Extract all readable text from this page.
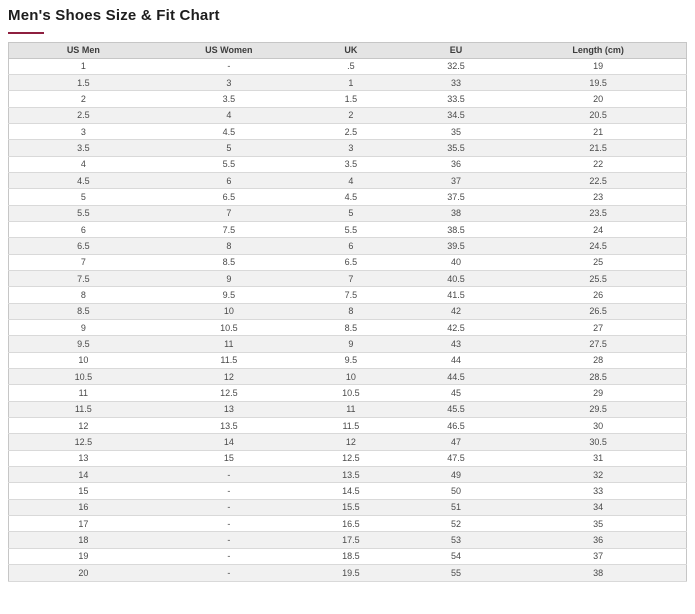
Men's Shoes Size & Fit Chart
US Men	US Women	UK	EU	Length (cm)
1	-	.5	32.5	19
1.5	3	1	33	19.5
2	3.5	1.5	33.5	20
2.5	4	2	34.5	20.5
3	4.5	2.5	35	21
3.5	5	3	35.5	21.5
4	5.5	3.5	36	22
4.5	6	4	37	22.5
5	6.5	4.5	37.5	23
5.5	7	5	38	23.5
6	7.5	5.5	38.5	24
6.5	8	6	39.5	24.5
7	8.5	6.5	40	25
7.5	9	7	40.5	25.5
8	9.5	7.5	41.5	26
8.5	10	8	42	26.5
9	10.5	8.5	42.5	27
9.5	11	9	43	27.5
10	11.5	9.5	44	28
10.5	12	10	44.5	28.5
11	12.5	10.5	45	29
11.5	13	11	45.5	29.5
12	13.5	11.5	46.5	30
12.5	14	12	47	30.5
13	15	12.5	47.5	31
14	-	13.5	49	32
15	-	14.5	50	33
16	-	15.5	51	34
17	-	16.5	52	35
18	-	17.5	53	36
19	-	18.5	54	37
20	-	19.5	55	38
